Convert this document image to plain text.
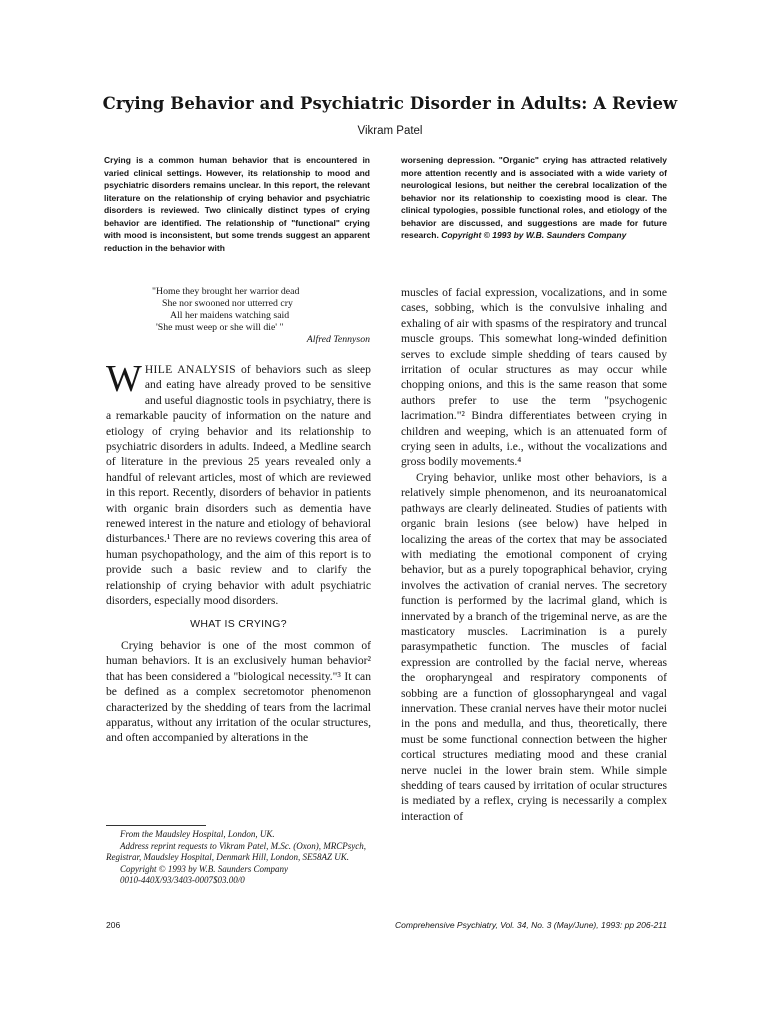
Crying Behavior and Psychiatric Disorder in Adults: A Review
Vikram Patel

Crying is a common human behavior that is encountered in varied clinical settings. However, its relationship to mood and psychiatric disorders remains unclear. In this report, the relevant literature on the relationship of crying behavior and psychiatric disorders is reviewed. Two clinically distinct types of crying behavior are identified. The relationship of "functional" crying with mood is inconsistent, but some trends suggest an apparent reduction in the behavior with

worsening depression. "Organic" crying has attracted relatively more attention recently and is associated with a wide variety of neurological lesions, but neither the cerebral localization of the behavior nor its relationship to coexisting mood is clear. The clinical typologies, possible functional roles, and etiology of the behavior are discussed, and suggestions are made for future research. Copyright © 1993 by W.B. Saunders Company
"Home they brought her warrior dead
She nor swooned nor utterred cry
All her maidens watching said
'She must weep or she will die' "
Alfred Tennyson

WHILE ANALYSIS of behaviors such as sleep and eating have already proved to be sensitive and useful diagnostic tools in psychiatry, there is a remarkable paucity of information on the nature and etiology of crying behavior and its relationship to psychiatric disorders in adults. Indeed, a Medline search of literature in the previous 25 years revealed only a handful of relevant articles, most of which are reviewed in this report. Recently, disorders of behavior in patients with organic brain disorders such as dementia have renewed interest in the nature and etiology of behavioral disturbances.¹ There are no reviews covering this area of human psychopathology, and the aim of this report is to provide such a basic review and to clarify the relationship of crying behavior with adult psychiatric disorders, especially mood disorders.

WHAT IS CRYING?

Crying behavior is one of the most common of human behaviors. It is an exclusively human behavior² that has been considered a "biological necessity."³ It can be defined as a complex secretomotor phenomenon characterized by the shedding of tears from the lacrimal apparatus, without any irritation of the ocular structures, and often accompanied by alterations in the

muscles of facial expression, vocalizations, and in some cases, sobbing, which is the convulsive inhaling and exhaling of air with spasms of the respiratory and truncal muscle groups. This somewhat long-winded definition serves to exclude simple shedding of tears caused by irritation of ocular structures as may occur while chopping onions, and this is the same reason that some authors prefer to use the term "psychogenic lacrimation."² Bindra differentiates between crying in children and weeping, which is an attenuated form of crying seen in adults, i.e., without the vocalizations and gross bodily movements.⁴

Crying behavior, unlike most other behaviors, is a relatively simple phenomenon, and its neuroanatomical pathways are clearly delineated. Studies of patients with organic brain lesions (see below) have helped in localizing the areas of the cortex that may be associated with mediating the emotional component of crying behavior, but as a purely topographical behavior, crying involves the activation of cranial nerves. The secretory function is performed by the lacrimal gland, which is innervated by a branch of the trigeminal nerve, as are the masticatory muscles. Lacrimination is a purely parasympathetic function. The muscles of facial expression are controlled by the facial nerve, whereas the oropharyngeal and respiratory components of sobbing are a function of glossopharyngeal and vagal innervation. These cranial nerves have their motor nuclei in the pons and medulla, and thus, theoretically, there must be some functional connection between the higher cortical structures mediating mood and these cranial nerve nuclei in the lower brain stem. While simple shedding of tears caused by irritation of ocular structures is mediated by a reflex, crying is necessarily a complex interaction of

From the Maudsley Hospital, London, UK.

Address reprint requests to Vikram Patel, M.Sc. (Oxon), MRCPsych, Registrar, Maudsley Hospital, Denmark Hill, London, SE58AZ UK.

Copyright © 1993 by W.B. Saunders Company

0010-440X/93/3403-0007$03.00/0

206	Comprehensive Psychiatry, Vol. 34, No. 3 (May/June), 1993: pp 206-211
